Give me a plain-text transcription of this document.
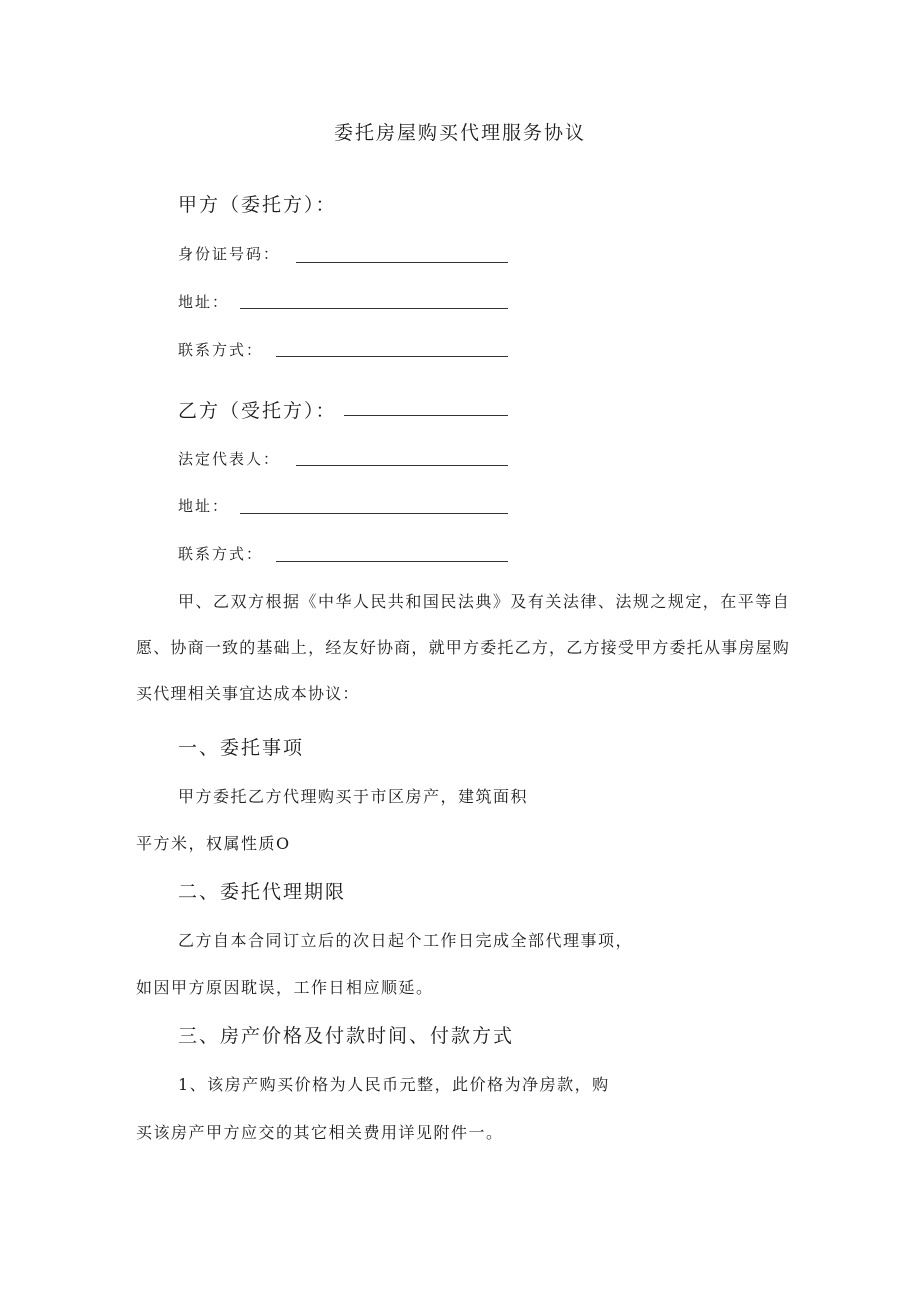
委托房屋购买代理服务协议
甲方（委托方）：
身份证号码：
地址：
联系方式：
乙方（受托方）：
法定代表人：
地址：
联系方式：
甲、乙双方根据《中华人民共和国民法典》及有关法律、法规之规定，在平等自愿、协商一致的基础上，经友好协商，就甲方委托乙方，乙方接受甲方委托从事房屋购买代理相关事宜达成本协议：
一、委托事项
甲方委托乙方代理购买于市区房产，建筑面积
平方米，权属性质O
二、委托代理期限
乙方自本合同订立后的次日起个工作日完成全部代理事项，
如因甲方原因耽误，工作日相应顺延。
三、房产价格及付款时间、付款方式
1、该房产购买价格为人民币元整，此价格为净房款，购
买该房产甲方应交的其它相关费用详见附件一。
